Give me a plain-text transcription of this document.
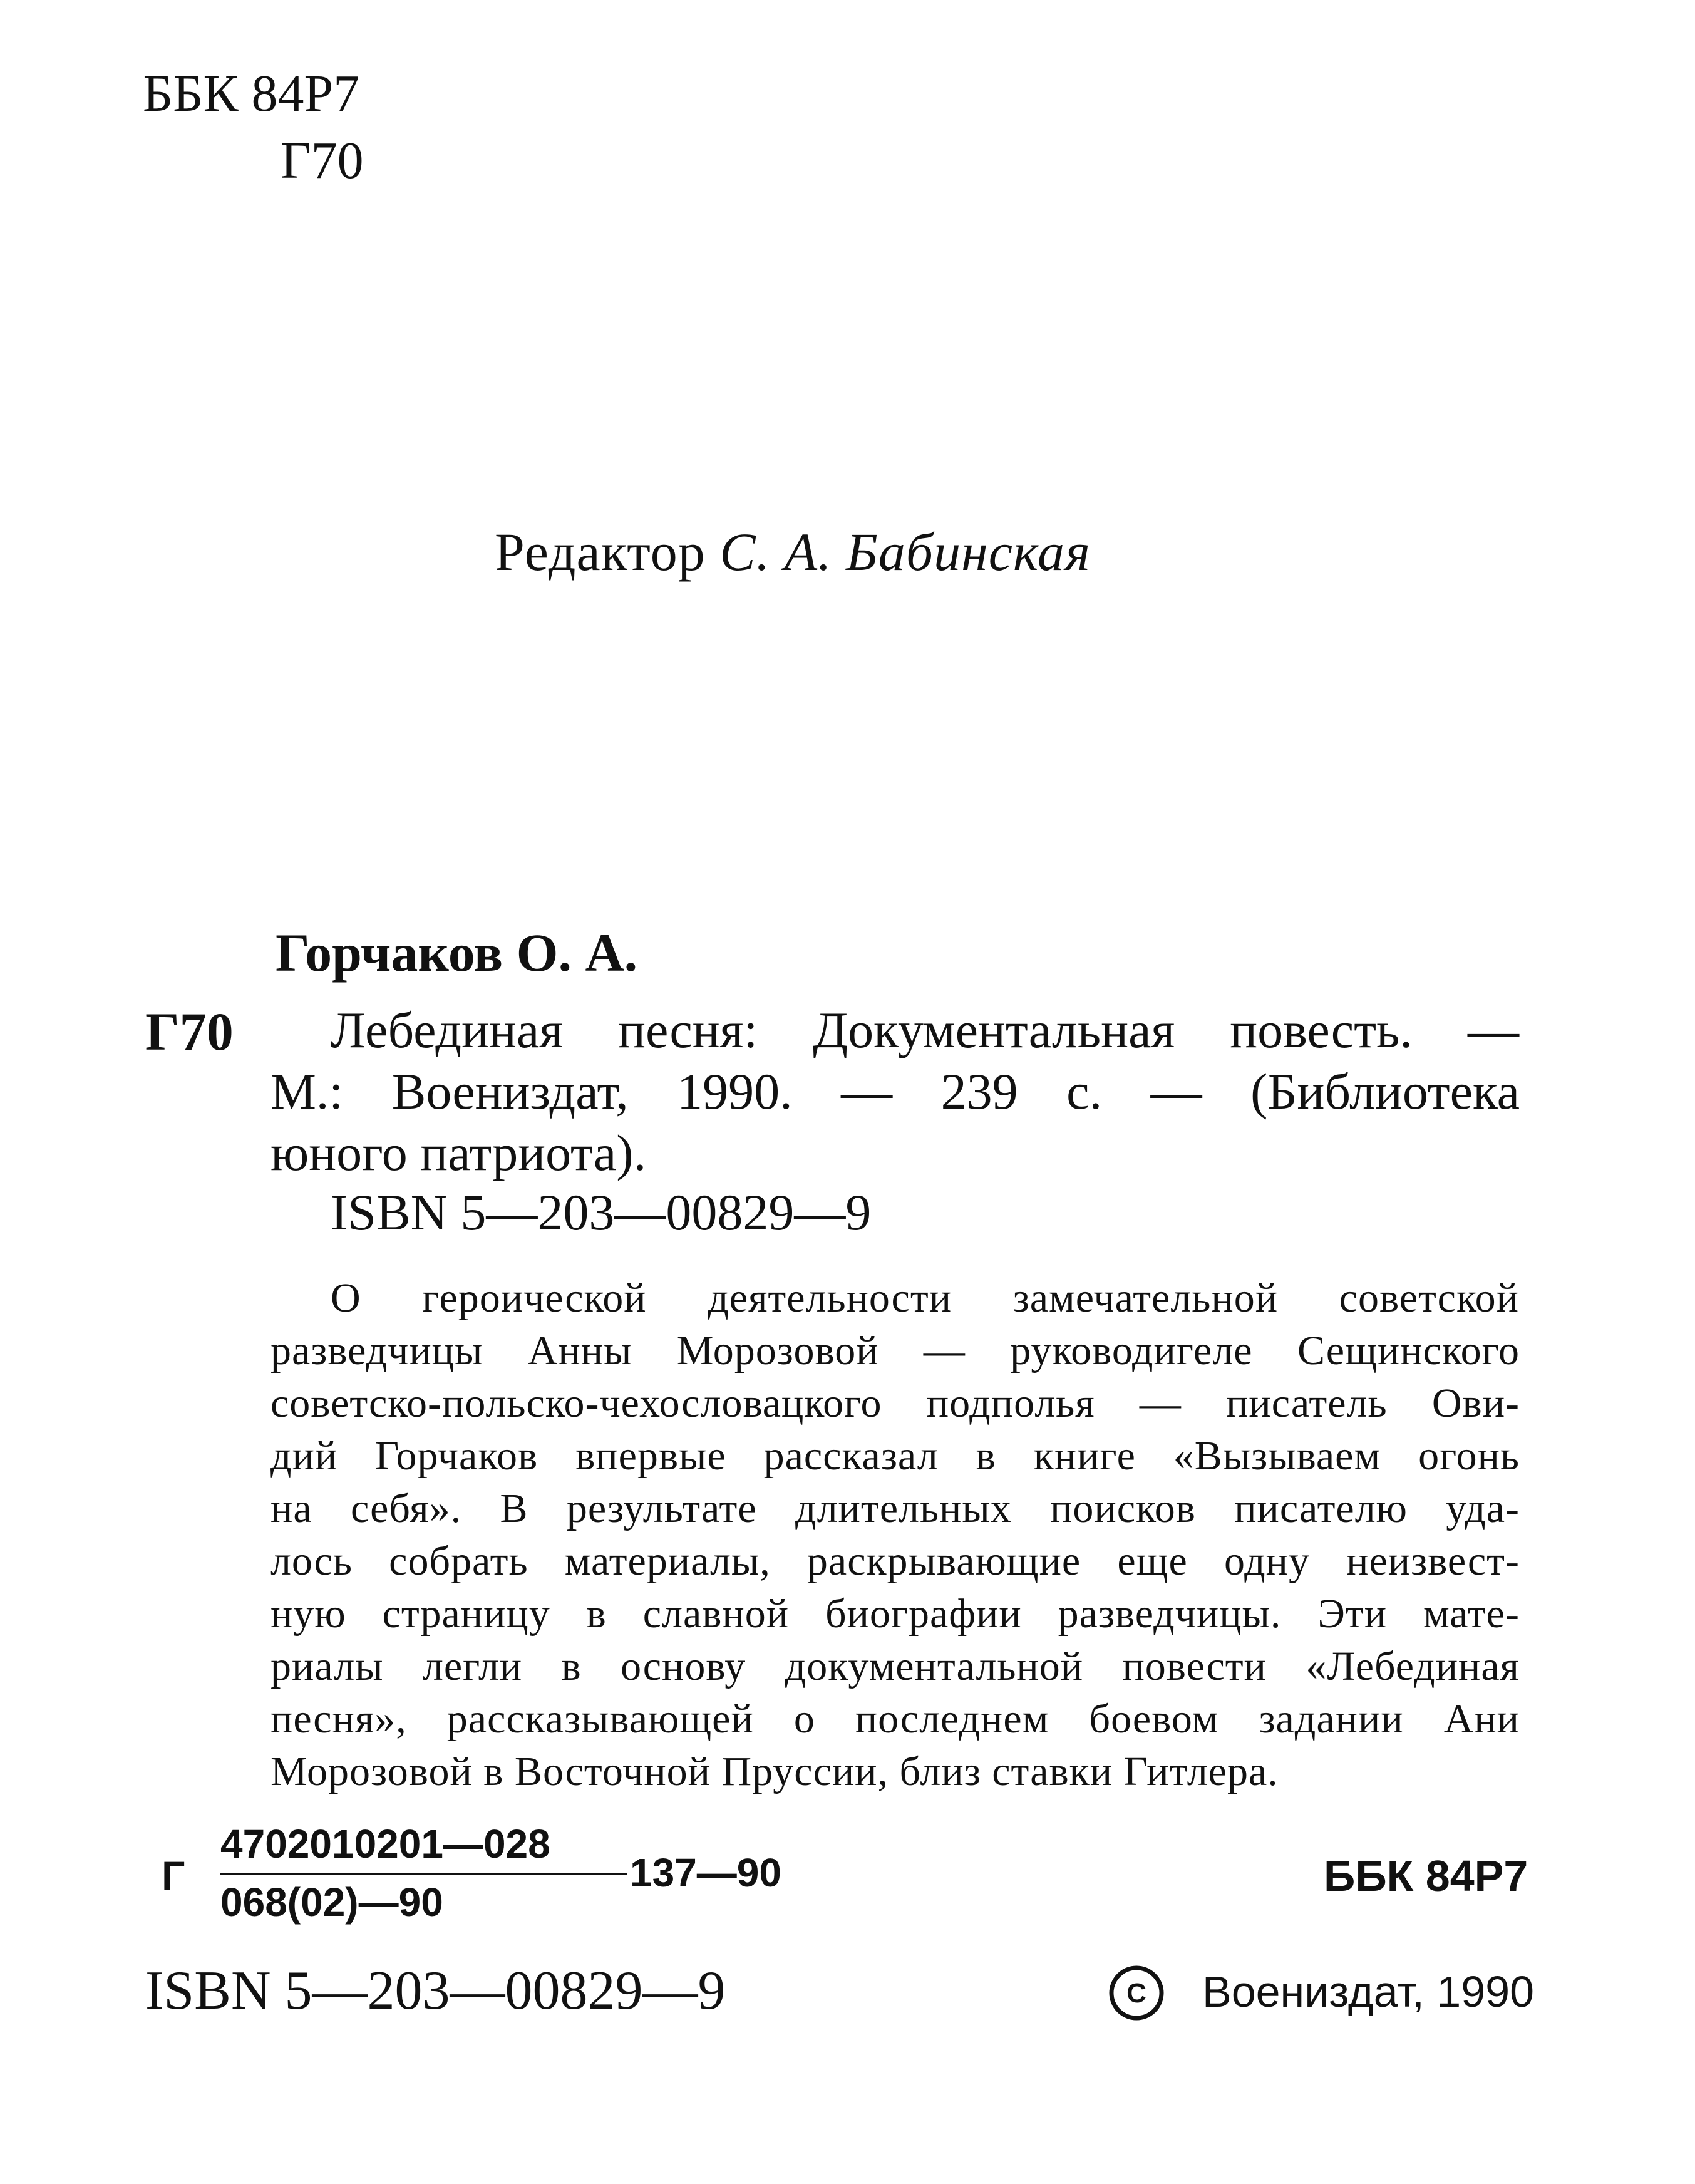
ББК 84Р7
Г70
Редактор С. А. Бабинская
Горчаков О. А.
Г70 Лебединая песня: Документальная повесть. —
М.: Воениздат, 1990. — 239 с. — (Библиотека
юного патриота).
ISBN 5—203—00829—9
О героической деятельности замечательной советской
разведчицы Анны Морозовой — руководигеле Сещинского
советско-польско-чехословацкого подполья — писатель Ови-
дий Горчаков впервые рассказал в книге «Вызываем огонь
на себя». В результате длительных поисков писателю уда-
лось собрать материалы, раскрывающие еще одну неизвест-
ную страницу в славной биографии разведчицы. Эти мате-
риалы легли в основу документальной повести «Лебединая
песня», рассказывающей о последнем боевом задании Ани
Морозовой в Восточной Пруссии, близ ставки Гитлера.
Г
4702010201—028
137—90
068(02)—90
ББК 84Р7
ISBN 5—203—00829—9	C Воениздат, 1990
